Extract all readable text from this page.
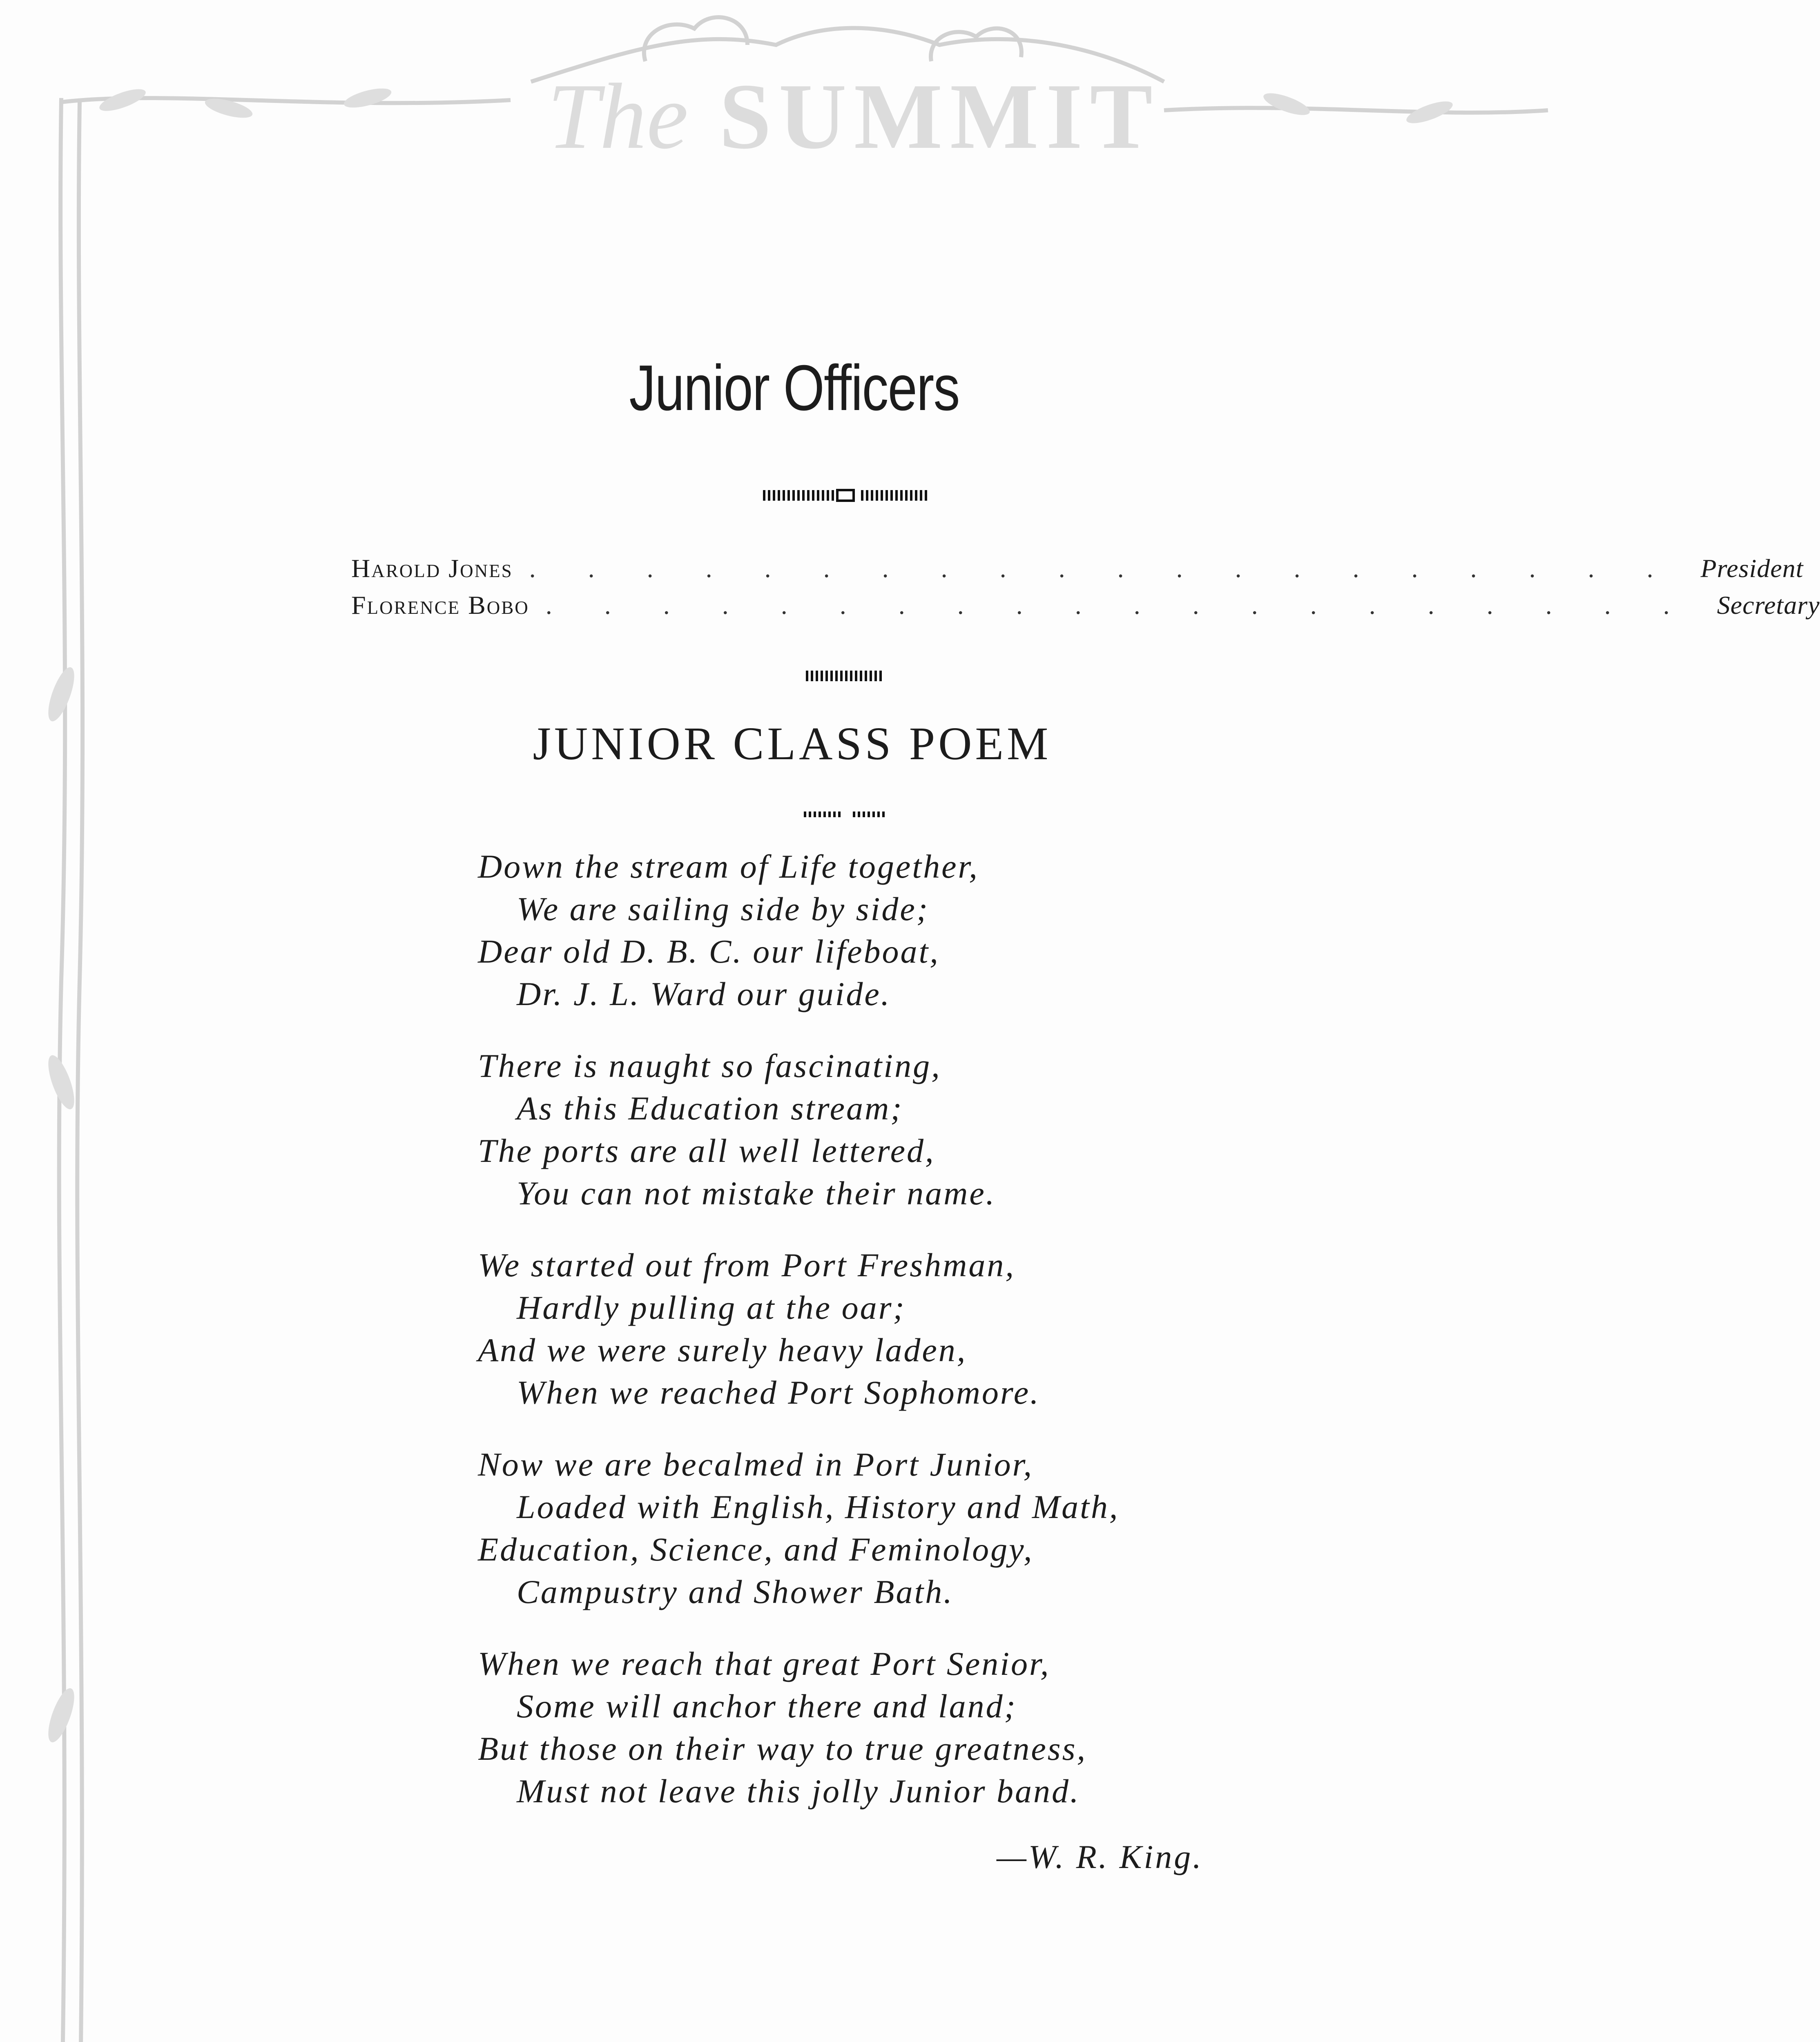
The SUMMIT
Junior Officers
Harold Jones . . . . . . . . . . . . . . . . . . . . President
Florence Bobo . . . . . . . . . . . . . . . . . . . . Secretary
JUNIOR CLASS POEM
Down the stream of Life together,
We are sailing side by side;
Dear old D. B. C. our lifeboat,
Dr. J. L. Ward our guide.
There is naught so fascinating,
As this Education stream;
The ports are all well lettered,
You can not mistake their name.
We started out from Port Freshman,
Hardly pulling at the oar;
And we were surely heavy laden,
When we reached Port Sophomore.
Now we are becalmed in Port Junior,
Loaded with English, History and Math,
Education, Science, and Feminology,
Campustry and Shower Bath.
When we reach that great Port Senior,
Some will anchor there and land;
But those on their way to true greatness,
Must not leave this jolly Junior band.
—W. R. King.
